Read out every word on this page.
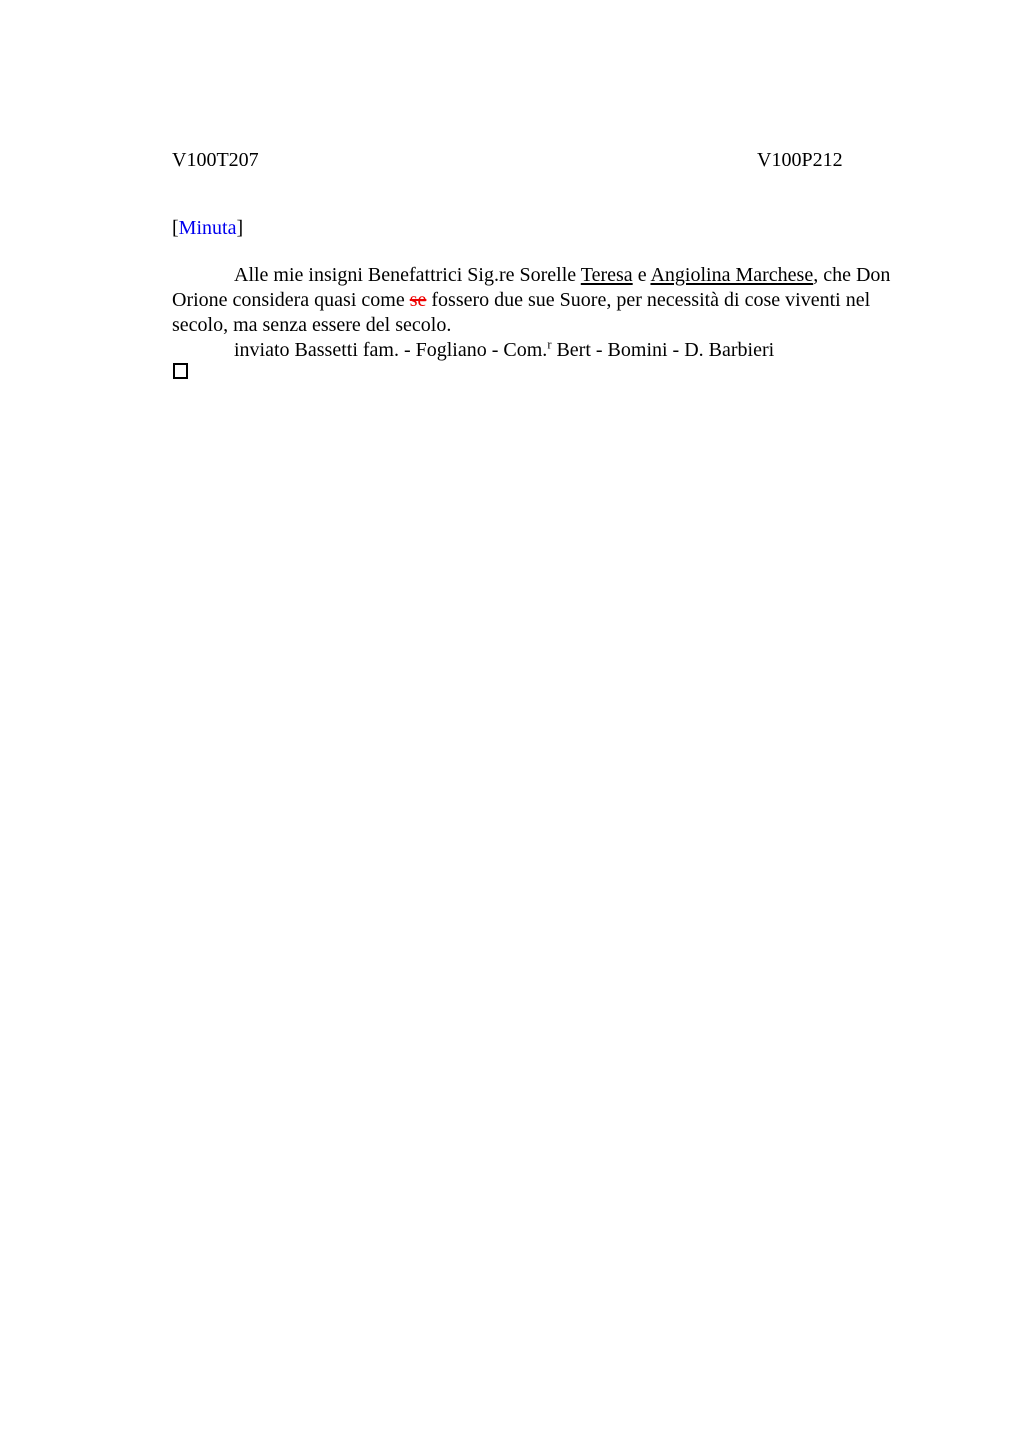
V100T207	V100P212
[Minuta]
Alle mie insigni Benefattrici Sig.re Sorelle Teresa e Angiolina Marchese, che Don
Orione considera quasi come se fossero due sue Suore, per necessità di cose viventi nel
secolo, ma senza essere del secolo.
inviato Bassetti fam. - Fogliano - Com.$^r$ Bert - Bomini - D. Barbieri
